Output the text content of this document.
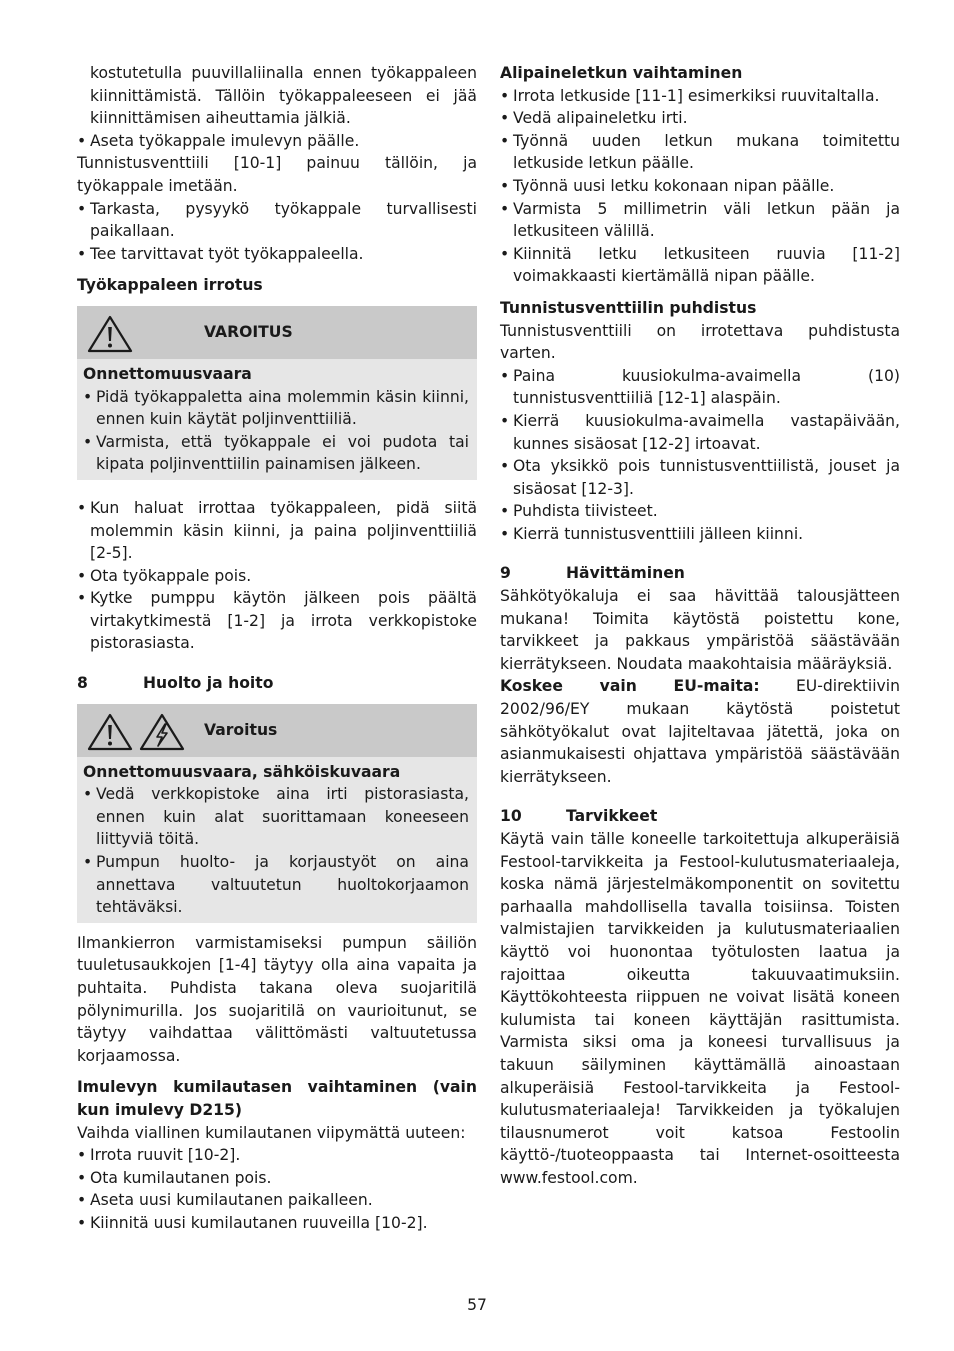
kostutetulla puuvillaliinalla ennen työkappaleen kiinnittämistä. Tällöin työkappaleeseen ei jää kiinnittämisen aiheuttamia jälkiä.

• Aseta työkappale imulevyn päälle.

Tunnistusventtiili [10-1] painuu tällöin, ja työkappale imetään.

• Tarkasta, pysyykö työkappale turvallisesti paikallaan.

• Tee tarvittavat työt työkappaleella.

Työkappaleen irrotus

VAROITUS

Onnettomuusvaara

• Pidä työkappaletta aina molemmin käsin kiinni, ennen kuin käytät poljinventtiiliä.

• Varmista, että työkappale ei voi pudota tai kipata poljinventtiilin painamisen jälkeen.

• Kun haluat irrottaa työkappaleen, pidä siitä molemmin käsin kiinni, ja paina poljinventtiiliä [2-5].

• Ota työkappale pois.

• Kytke pumppu käytön jälkeen pois päältä virtakytkimestä [1-2] ja irrota verkkopistoke pistorasiasta.

8	Huolto ja hoito

Varoitus

Onnettomuusvaara, sähköiskuvaara

• Vedä verkkopistoke aina irti pistorasiasta, ennen kuin alat suorittamaan koneeseen liittyviä töitä.

• Pumpun huolto- ja korjaustyöt on aina annettava valtuutetun huoltokorjaamon tehtäväksi.

Ilmankierron varmistamiseksi pumpun säiliön tuuletusaukkojen [1-4] täytyy olla aina vapaita ja puhtaita. Puhdista takana oleva suojaritilä pölynimurilla. Jos suojaritilä on vaurioitunut, se täytyy vaihdattaa välittömästi valtuutetussa korjaamossa.

Imulevyn kumilautasen vaihtaminen (vain kun imulevy D215)

Vaihda viallinen kumilautanen viipymättä uuteen:

• Irrota ruuvit [10-2].

• Ota kumilautanen pois.

• Aseta uusi kumilautanen paikalleen.

• Kiinnitä uusi kumilautanen ruuveilla [10-2].

Alipaineletkun vaihtaminen

• Irrota letkuside [11-1] esimerkiksi ruuvitaltalla.

• Vedä alipaineletku irti.

• Työnnä uuden letkun mukana toimitettu letkuside letkun päälle.

• Työnnä uusi letku kokonaan nipan päälle.

• Varmista 5 millimetrin väli letkun pään ja letkusiteen välillä.

• Kiinnitä letku letkusiteen ruuvia [11-2] voimakkaasti kiertämällä nipan päälle.

Tunnistusventtiilin puhdistus

Tunnistusventtiili on irrotettava puhdistusta varten.

• Paina kuusiokulma-avaimella (10) tunnistusventtiiliä [12-1] alaspäin.

• Kierrä kuusiokulma-avaimella vastapäivään, kunnes sisäosat [12-2] irtoavat.

• Ota yksikkö pois tunnistusventtiilistä, jouset ja sisäosat [12-3].

• Puhdista tiivisteet.

• Kierrä tunnistusventtiili jälleen kiinni.

9	Hävittäminen

Sähkötyökaluja ei saa hävittää talousjätteen mukana! Toimita käytöstä poistettu kone, tarvikkeet ja pakkaus ympäristöä säästävään kierrätykseen. Noudata maakohtaisia määräyksiä.

Koskee vain EU-maita: EU-direktiivin 2002/96/EY mukaan käytöstä poistetut sähkötyökalut ovat lajiteltavaa jätettä, joka on asianmukaisesti ohjattava ympäristöä säästävään kierrätykseen.

10	Tarvikkeet

Käytä vain tälle koneelle tarkoitettuja alkuperäisiä Festool-tarvikkeita ja Festool-kulutusmateriaaleja, koska nämä järjestelmäkomponentit on sovitettu parhaalla mahdollisella tavalla toisiinsa. Toisten valmistajien tarvikkeiden ja kulutusmateriaalien käyttö voi huonontaa työtulosten laatua ja rajoittaa oikeutta takuuvaatimuksiin. Käyttökohteesta riippuen ne voivat lisätä koneen kulumista tai koneen käyttäjän rasittumista. Varmista siksi oma ja koneesi turvallisuus ja takuun säilyminen käyttämällä ainoastaan alkuperäisiä Festool-tarvikkeita ja Festool-kulutusmateriaaleja! Tarvikkeiden ja työkalujen tilausnumerot voit katsoa Festoolin käyttö-/tuoteoppaasta tai Internet-osoitteesta www.festool.com.

57
